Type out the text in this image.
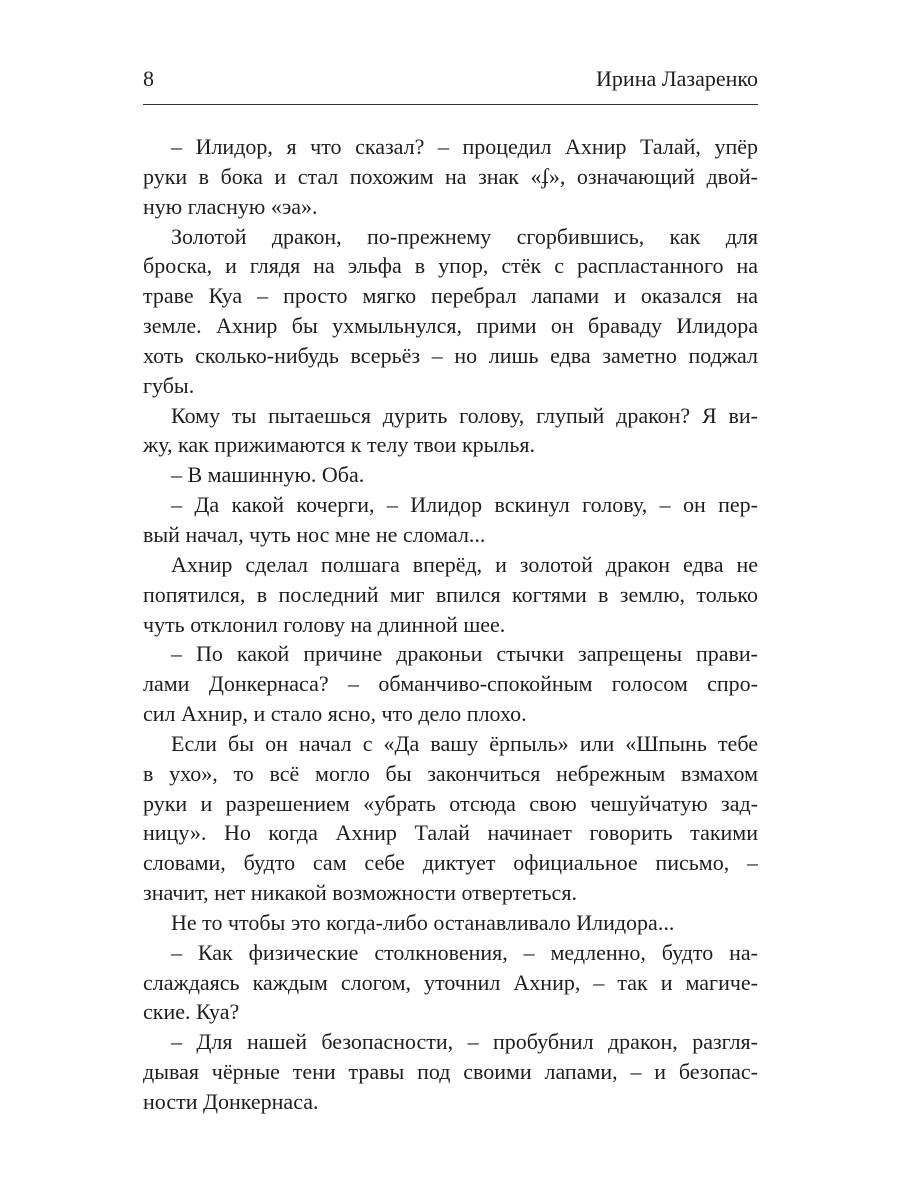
8	Ирина Лазаренко
– Илидор, я что сказал? – процедил Ахнир Талай, упёр
руки в бока и стал похожим на знак «ʄ», означающий двой-
ную гласную «эа».
Золотой дракон, по-прежнему сгорбившись, как для
броска, и глядя на эльфа в упор, стёк с распластанного на
траве Куа – просто мягко перебрал лапами и оказался на
земле. Ахнир бы ухмыльнулся, прими он браваду Илидора
хоть сколько-нибудь всерьёз – но лишь едва заметно поджал
губы.
Кому ты пытаешься дурить голову, глупый дракон? Я ви-
жу, как прижимаются к телу твои крылья.
– В машинную. Оба.
– Да какой кочерги, – Илидор вскинул голову, – он пер-
вый начал, чуть нос мне не сломал...
Ахнир сделал полшага вперёд, и золотой дракон едва не
попятился, в последний миг впился когтями в землю, только
чуть отклонил голову на длинной шее.
– По какой причине драконьи стычки запрещены прави-
лами Донкернаса? – обманчиво-спокойным голосом спро-
сил Ахнир, и стало ясно, что дело плохо.
Если бы он начал с «Да вашу ёрпыль» или «Шпынь тебе
в ухо», то всё могло бы закончиться небрежным взмахом
руки и разрешением «убрать отсюда свою чешуйчатую зад-
ницу». Но когда Ахнир Талай начинает говорить такими
словами, будто сам себе диктует официальное письмо, –
значит, нет никакой возможности отвертеться.
Не то чтобы это когда-либо останавливало Илидора...
– Как физические столкновения, – медленно, будто на-
слаждаясь каждым слогом, уточнил Ахнир, – так и магиче-
ские. Куа?
– Для нашей безопасности, – пробубнил дракон, разгля-
дывая чёрные тени травы под своими лапами, – и безопас-
ности Донкернаса.
